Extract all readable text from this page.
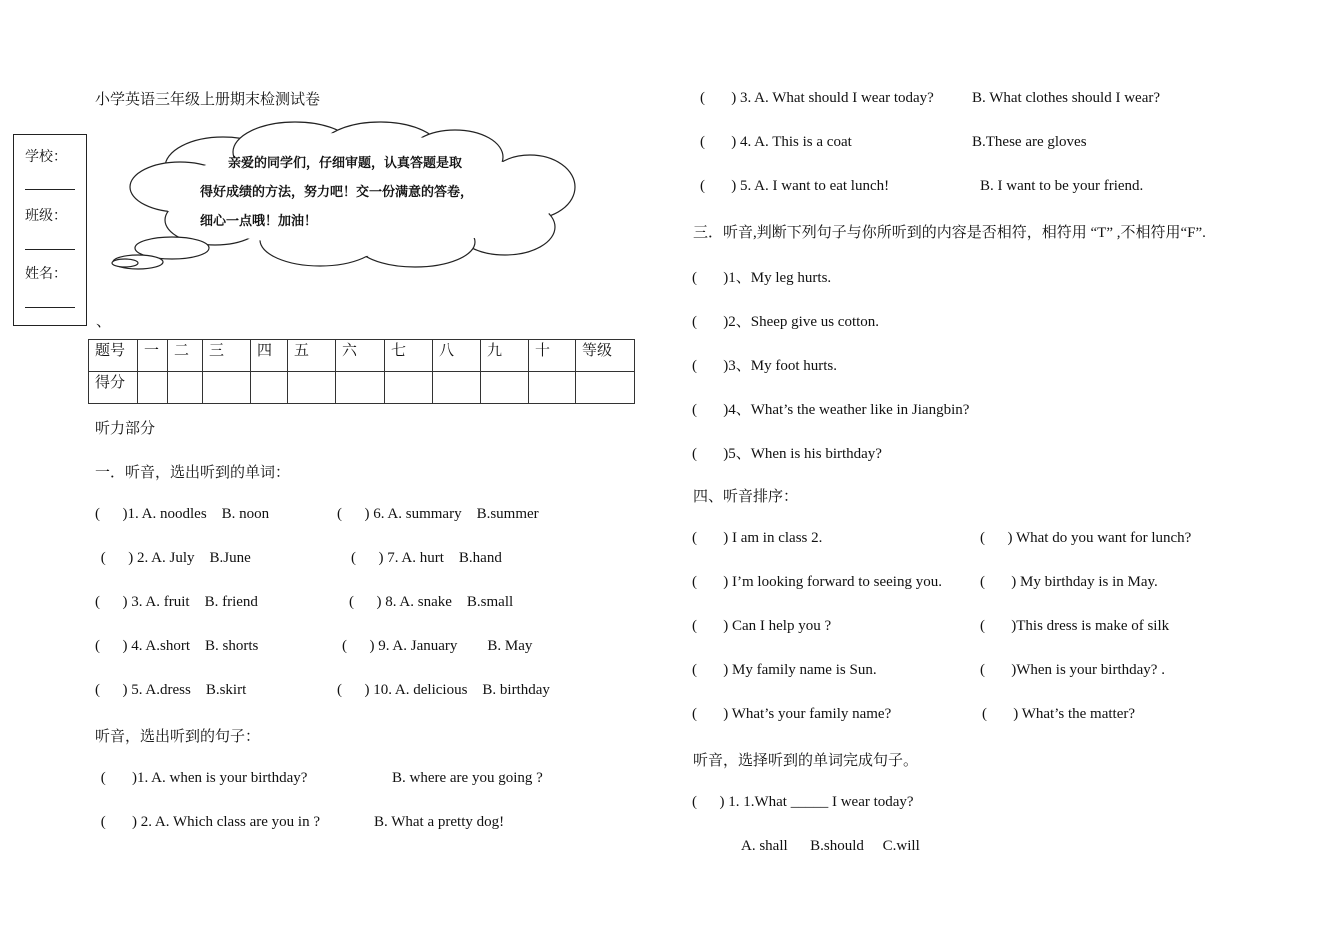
小学英语三年级上册期末检测试卷
学校：
班级：
姓名：
亲爱的同学们，仔细审题，认真答题是取
得好成绩的方法，努力吧！交一份满意的答卷，
细心一点哦！加油！
、
题号	一	二	三	四	五	六	七	八	九	十	等级
得分											
听力部分
一．听音，选出听到的单词：
(      )1. A. noodles    B. noon	(      ) 6. A. summary    B.summer
(      ) 2. A. July    B.June	(      ) 7. A. hurt    B.hand
(      ) 3. A. fruit    B. friend	(      ) 8. A. snake    B.small
(      ) 4. A.short    B. shorts	(      ) 9. A. January        B. May
(      ) 5. A.dress    B.skirt	(      ) 10. A. delicious    B. birthday
听音，选出听到的句子：
(       )1. A. when is your birthday?	B. where are you going ?
(       ) 2. A. Which class are you in ?	B. What a pretty dog!
(       ) 3. A. What should I wear today?	B. What clothes should I wear?
(       ) 4. A. This is a coat	B.These are gloves
(       ) 5. A. I want to eat lunch!	B. I want to be your friend.
三．听音,判断下列句子与你所听到的内容是否相符，相符用 “T” ,不相符用“F”.
(       )1、My leg hurts.
(       )2、Sheep give us cotton.
(       )3、My foot hurts.
(       )4、What’s the weather like in Jiangbin?
(       )5、When is his birthday?
四、听音排序：
(       ) I am in class 2.	(      ) What do you want for lunch?
(       ) I’m looking forward to seeing you.	(       ) My birthday is in May.
(       ) Can I help you ?	(       )This dress is make of silk
(       ) My family name is Sun.	(       )When is your birthday? .
(       ) What’s your family name?	(       ) What’s the matter?
听音，选择听到的单词完成句子。
(      ) 1. 1.What _____ I wear today?
A. shall      B.should     C.will
